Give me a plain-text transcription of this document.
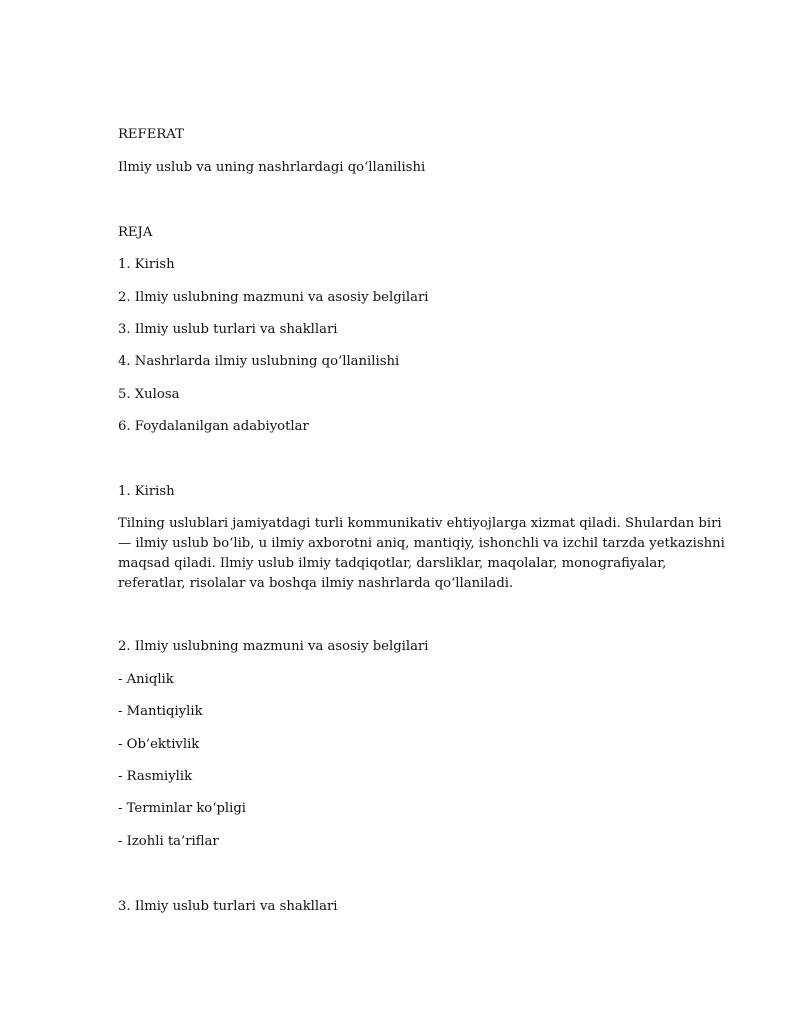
REFERAT
Ilmiy uslub va uning nashrlardagi qo‘llanilishi
REJA
1. Kirish
2. Ilmiy uslubning mazmuni va asosiy belgilari
3. Ilmiy uslub turlari va shakllari
4. Nashrlarda ilmiy uslubning qo‘llanilishi
5. Xulosa
6. Foydalanilgan adabiyotlar
1. Kirish
Tilning uslublari jamiyatdagi turli kommunikativ ehtiyojlarga xizmat qiladi. Shulardan biri
— ilmiy uslub bo‘lib, u ilmiy axborotni aniq, mantiqiy, ishonchli va izchil tarzda yetkazishni
maqsad qiladi. Ilmiy uslub ilmiy tadqiqotlar, darsliklar, maqolalar, monografiyalar,
referatlar, risolalar va boshqa ilmiy nashrlarda qo‘llaniladi.
2. Ilmiy uslubning mazmuni va asosiy belgilari
- Aniqlik
- Mantiqiylik
- Ob’ektivlik
- Rasmiylik
- Terminlar ko‘pligi
- Izohli ta’riflar
3. Ilmiy uslub turlari va shakllari
